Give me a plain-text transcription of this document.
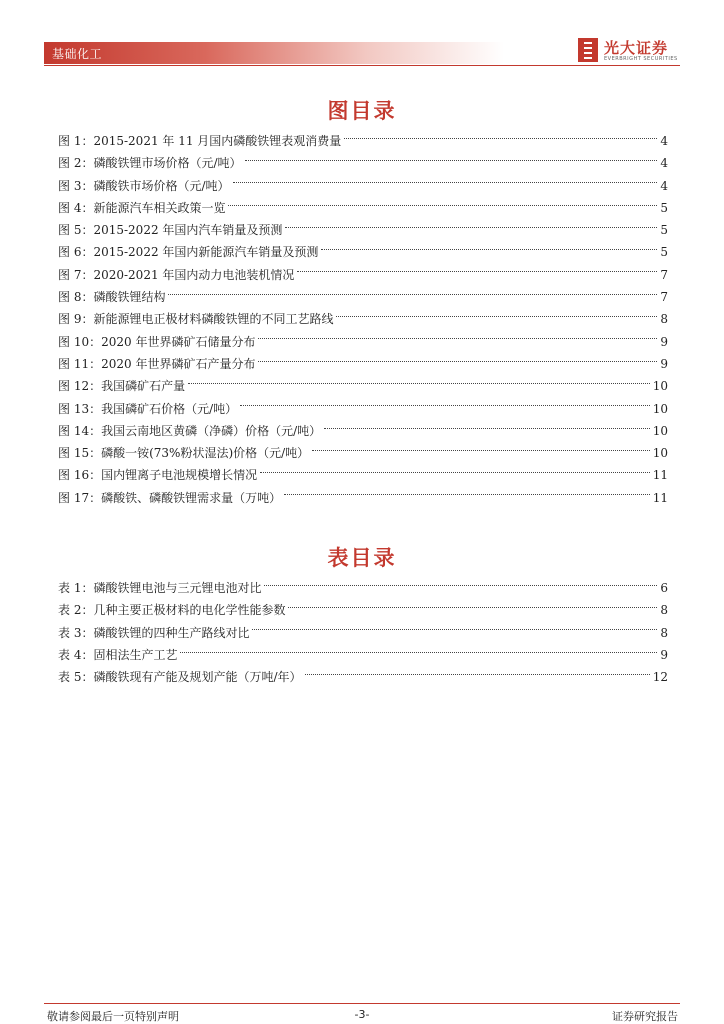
基础化工	光大证券
EVERBRIGHT SECURITIES
图目录
图 1： 2015-2021 年 11 月国内磷酸铁锂表观消费量	4
图 2： 磷酸铁锂市场价格（元/吨）	4
图 3： 磷酸铁市场价格（元/吨）	4
图 4： 新能源汽车相关政策一览	5
图 5： 2015-2022 年国内汽车销量及预测	5
图 6： 2015-2022 年国内新能源汽车销量及预测	5
图 7： 2020-2021 年国内动力电池装机情况	7
图 8： 磷酸铁锂结构	7
图 9： 新能源锂电正极材料磷酸铁锂的不同工艺路线	8
图 10： 2020 年世界磷矿石储量分布	9
图 11： 2020 年世界磷矿石产量分布	9
图 12： 我国磷矿石产量	10
图 13： 我国磷矿石价格（元/吨）	10
图 14： 我国云南地区黄磷（净磷）价格（元/吨）	10
图 15： 磷酸一铵(73%粉状湿法)价格（元/吨）	10
图 16： 国内锂离子电池规模增长情况	11
图 17： 磷酸铁、磷酸铁锂需求量（万吨）	11
表目录
表 1： 磷酸铁锂电池与三元锂电池对比	6
表 2： 几种主要正极材料的电化学性能参数	8
表 3： 磷酸铁锂的四种生产路线对比	8
表 4： 固相法生产工艺	9
表 5： 磷酸铁现有产能及规划产能（万吨/年）	12
敬请参阅最后一页特别声明	-3-	证券研究报告
